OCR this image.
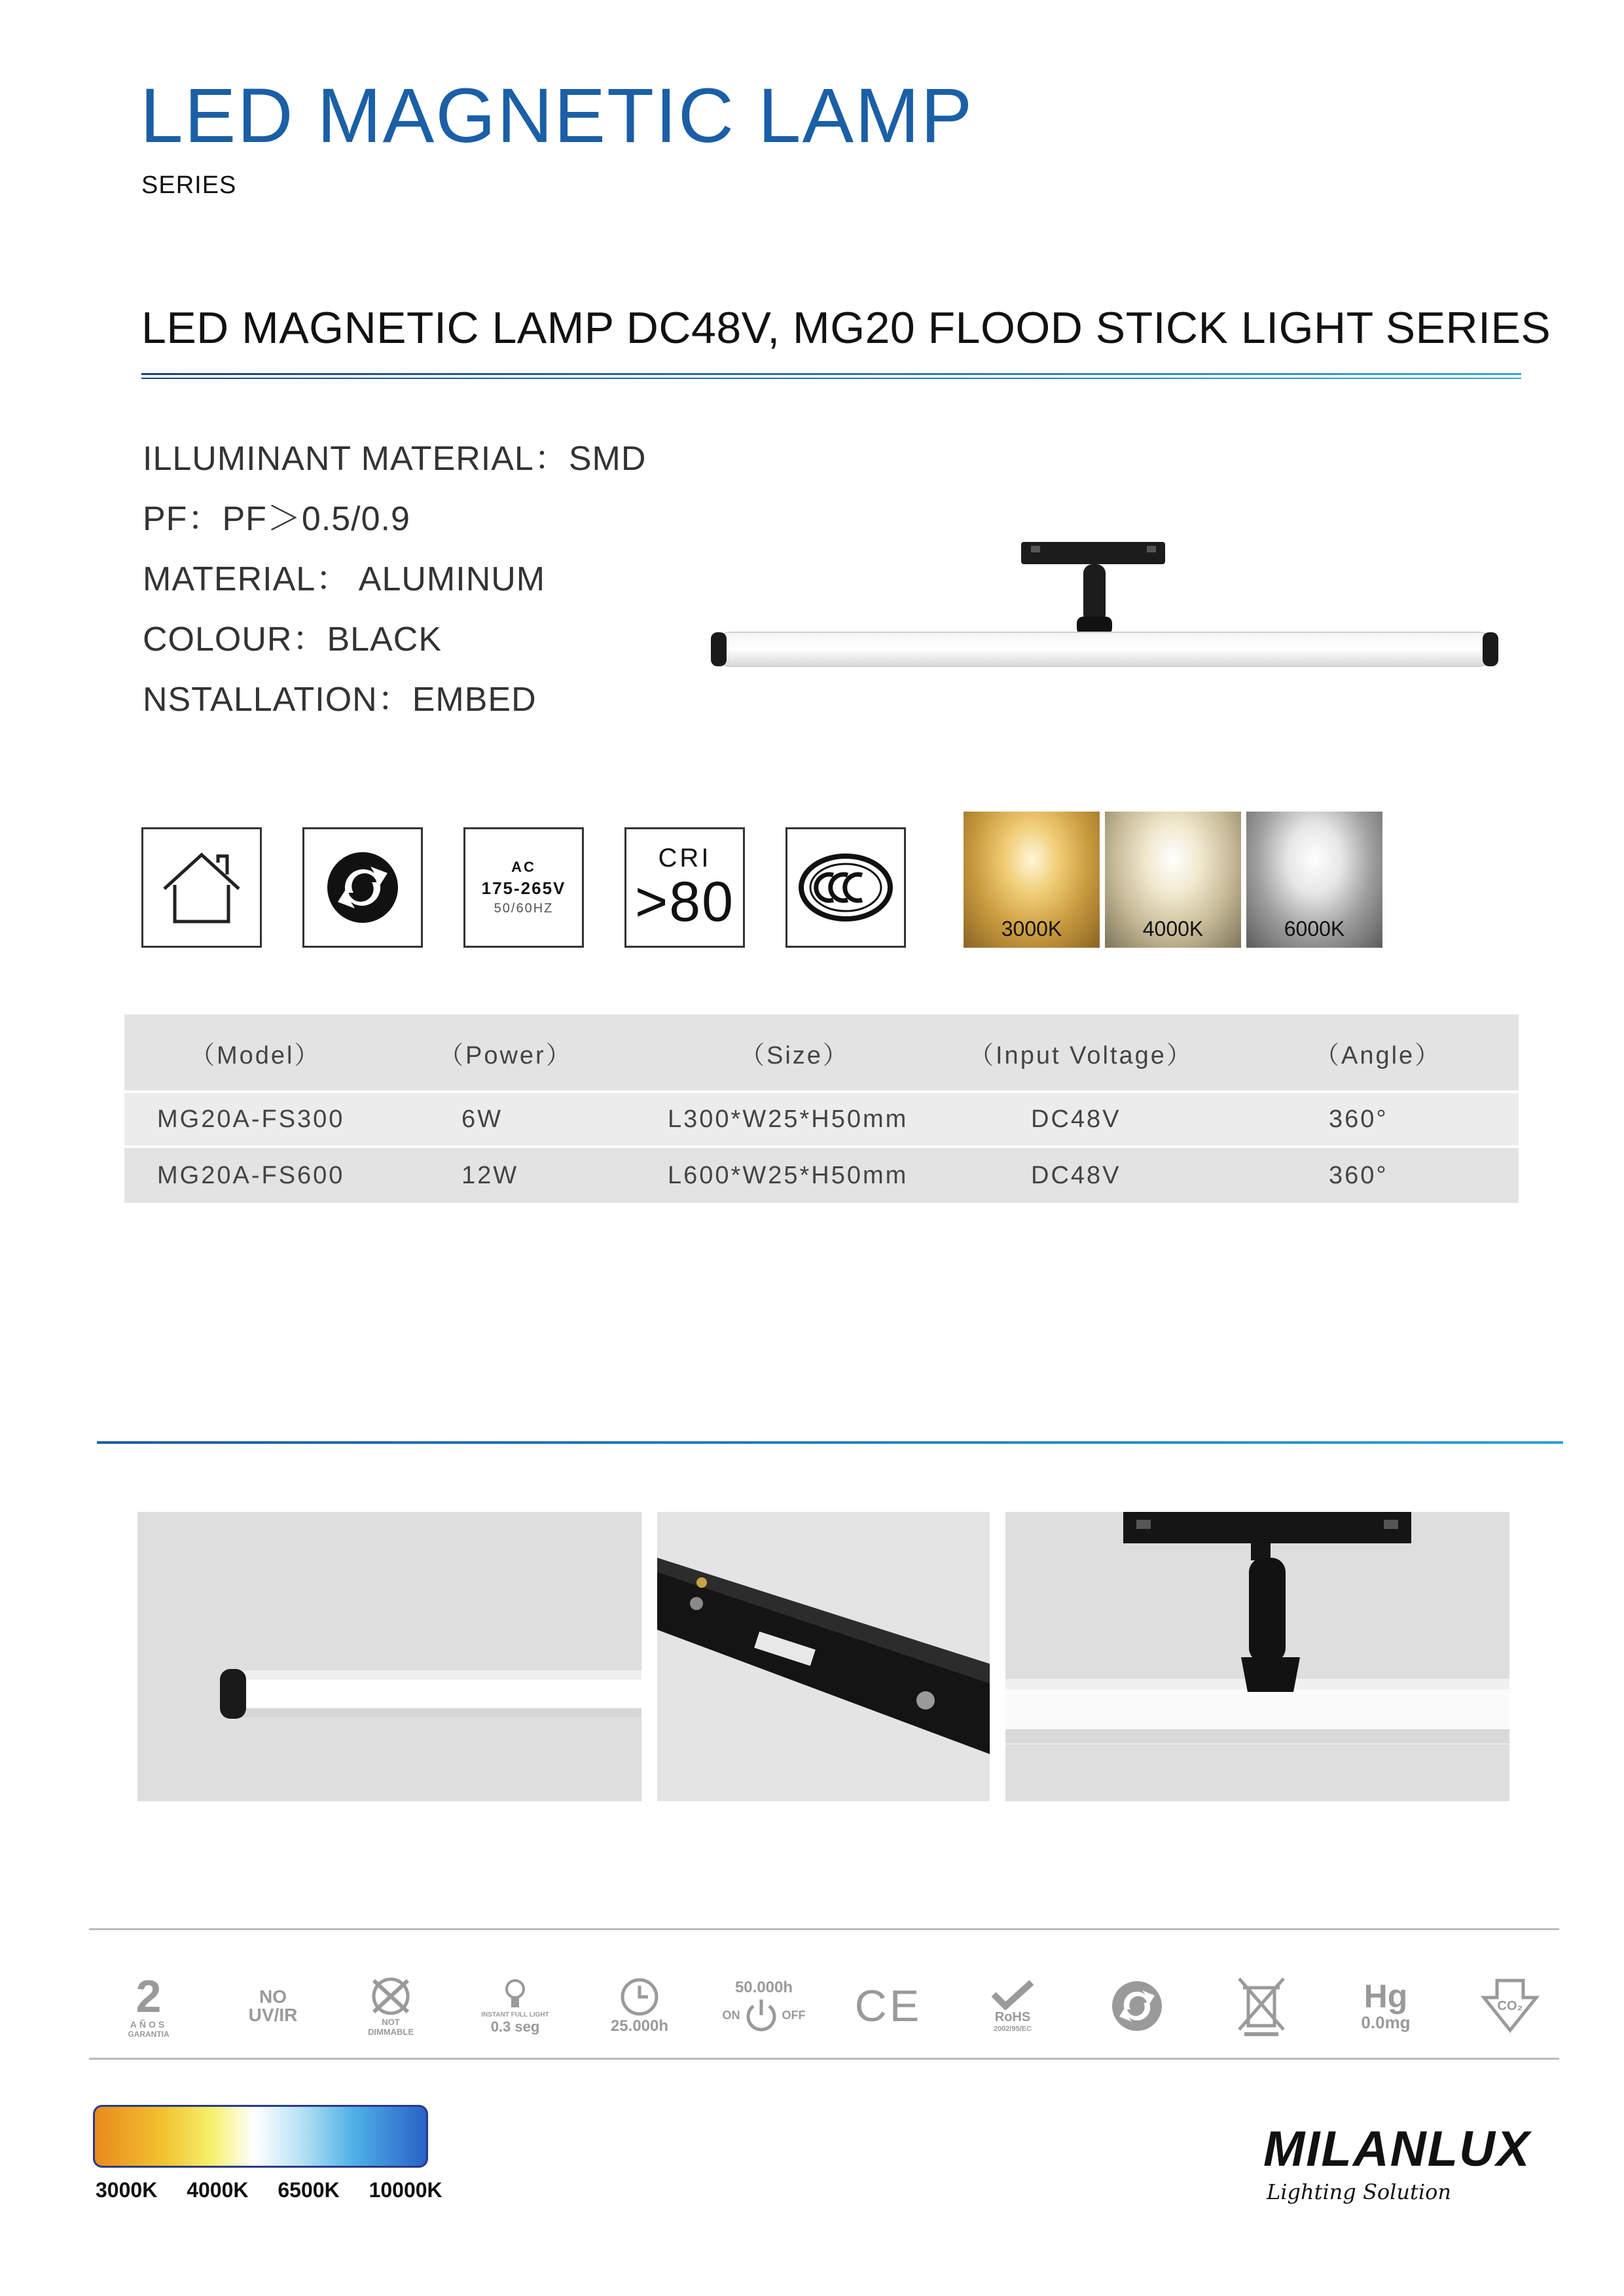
LED MAGNETIC LAMP
SERIES
LED MAGNETIC LAMP DC48V, MG20 FLOOD STICK LIGHT SERIES
ILLUMINANT MATERIAL：SMD
PF：PF＞0.5/0.9
MATERIAL： ALUMINUM
COLOUR：BLACK
NSTALLATION：EMBED
AC
175-265V
50/60HZ
CRI
>80	3000K	4000K	6000K
（Model）	（Power）	（Size）	（Input Voltage）	（Angle）
MG20A-FS300	6W	L300*W25*H50mm	DC48V	360°
MG20A-FS600	12W	L600*W25*H50mm	DC48V	360°
2
AÑOS
GARANTIA
NO
UV/IR	NOT DIMMABLE
INSTANT FULL LIGHT
0.3 seg	25.000h
50.000h
ON	OFF CE	RoHS
2002/95/EC
Hg
0.0mg
CO₂
3000K 4000K 6500K 10000K
MILANLUX
Lighting Solution
